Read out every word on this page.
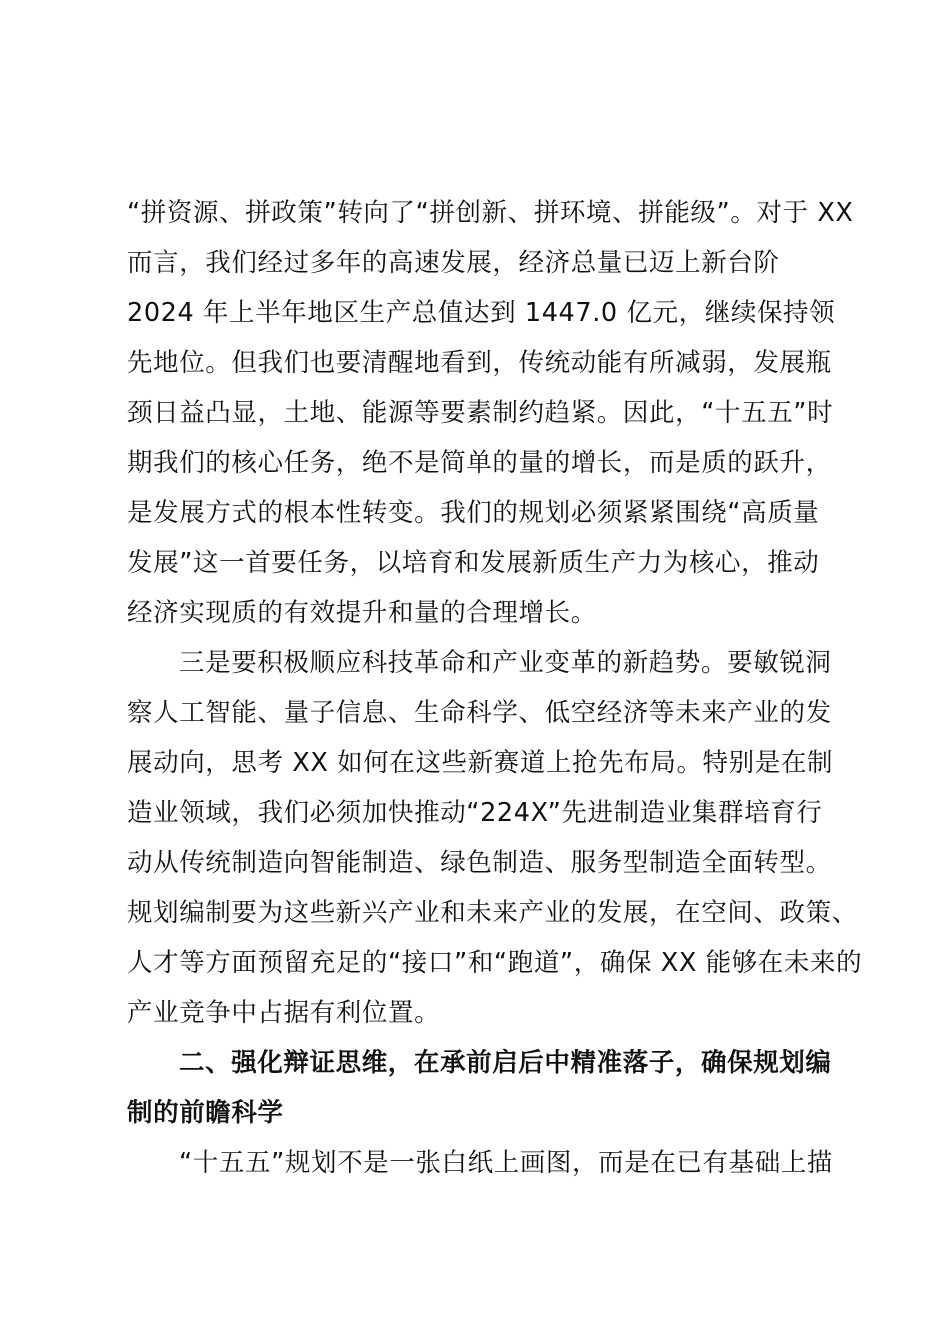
“拼资源、拼政策”转向了“拼创新、拼环境、拼能级”。对于 XX
而言，我们经过多年的高速发展，经济总量已迈上新台阶
2024 年上半年地区生产总值达到 1447.0 亿元，继续保持领
先地位。但我们也要清醒地看到，传统动能有所减弱，发展瓶
颈日益凸显，土地、能源等要素制约趋紧。因此，“十五五”时
期我们的核心任务，绝不是简单的量的增长，而是质的跃升，
是发展方式的根本性转变。我们的规划必须紧紧围绕“高质量
发展”这一首要任务，以培育和发展新质生产力为核心，推动
经济实现质的有效提升和量的合理增长。
三是要积极顺应科技革命和产业变革的新趋势。要敏锐洞
察人工智能、量子信息、生命科学、低空经济等未来产业的发
展动向，思考 XX 如何在这些新赛道上抢先布局。特别是在制
造业领域，我们必须加快推动“224X”先进制造业集群培育行
动从传统制造向智能制造、绿色制造、服务型制造全面转型。
规划编制要为这些新兴产业和未来产业的发展，在空间、政策、
人才等方面预留充足的“接口”和“跑道”，确保 XX 能够在未来的
产业竞争中占据有利位置。
二、强化辩证思维，在承前启后中精准落子，确保规划编
制的前瞻科学
“十五五”规划不是一张白纸上画图，而是在已有基础上描
